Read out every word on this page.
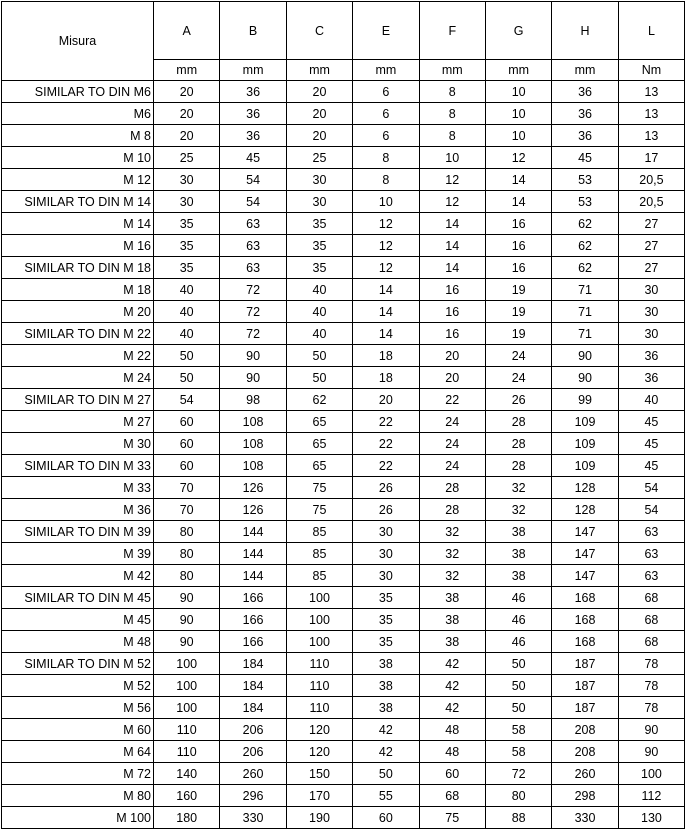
Misura	A	B	C	E	F	G	H	L
	mm	mm	mm	mm	mm	mm	mm	Nm
SIMILAR TO DIN M6	20	36	20	6	8	10	36	13
M6	20	36	20	6	8	10	36	13
M 8	20	36	20	6	8	10	36	13
M 10	25	45	25	8	10	12	45	17
M 12	30	54	30	8	12	14	53	20,5
SIMILAR TO DIN M 14	30	54	30	10	12	14	53	20,5
M 14	35	63	35	12	14	16	62	27
M 16	35	63	35	12	14	16	62	27
SIMILAR TO DIN M 18	35	63	35	12	14	16	62	27
M 18	40	72	40	14	16	19	71	30
M 20	40	72	40	14	16	19	71	30
SIMILAR TO DIN M 22	40	72	40	14	16	19	71	30
M 22	50	90	50	18	20	24	90	36
M 24	50	90	50	18	20	24	90	36
SIMILAR TO DIN M 27	54	98	62	20	22	26	99	40
M 27	60	108	65	22	24	28	109	45
M 30	60	108	65	22	24	28	109	45
SIMILAR TO DIN M 33	60	108	65	22	24	28	109	45
M 33	70	126	75	26	28	32	128	54
M 36	70	126	75	26	28	32	128	54
SIMILAR TO DIN M 39	80	144	85	30	32	38	147	63
M 39	80	144	85	30	32	38	147	63
M 42	80	144	85	30	32	38	147	63
SIMILAR TO DIN M 45	90	166	100	35	38	46	168	68
M 45	90	166	100	35	38	46	168	68
M 48	90	166	100	35	38	46	168	68
SIMILAR TO DIN M 52	100	184	110	38	42	50	187	78
M 52	100	184	110	38	42	50	187	78
M 56	100	184	110	38	42	50	187	78
M 60	110	206	120	42	48	58	208	90
M 64	110	206	120	42	48	58	208	90
M 72	140	260	150	50	60	72	260	100
M 80	160	296	170	55	68	80	298	112
M 100	180	330	190	60	75	88	330	130
